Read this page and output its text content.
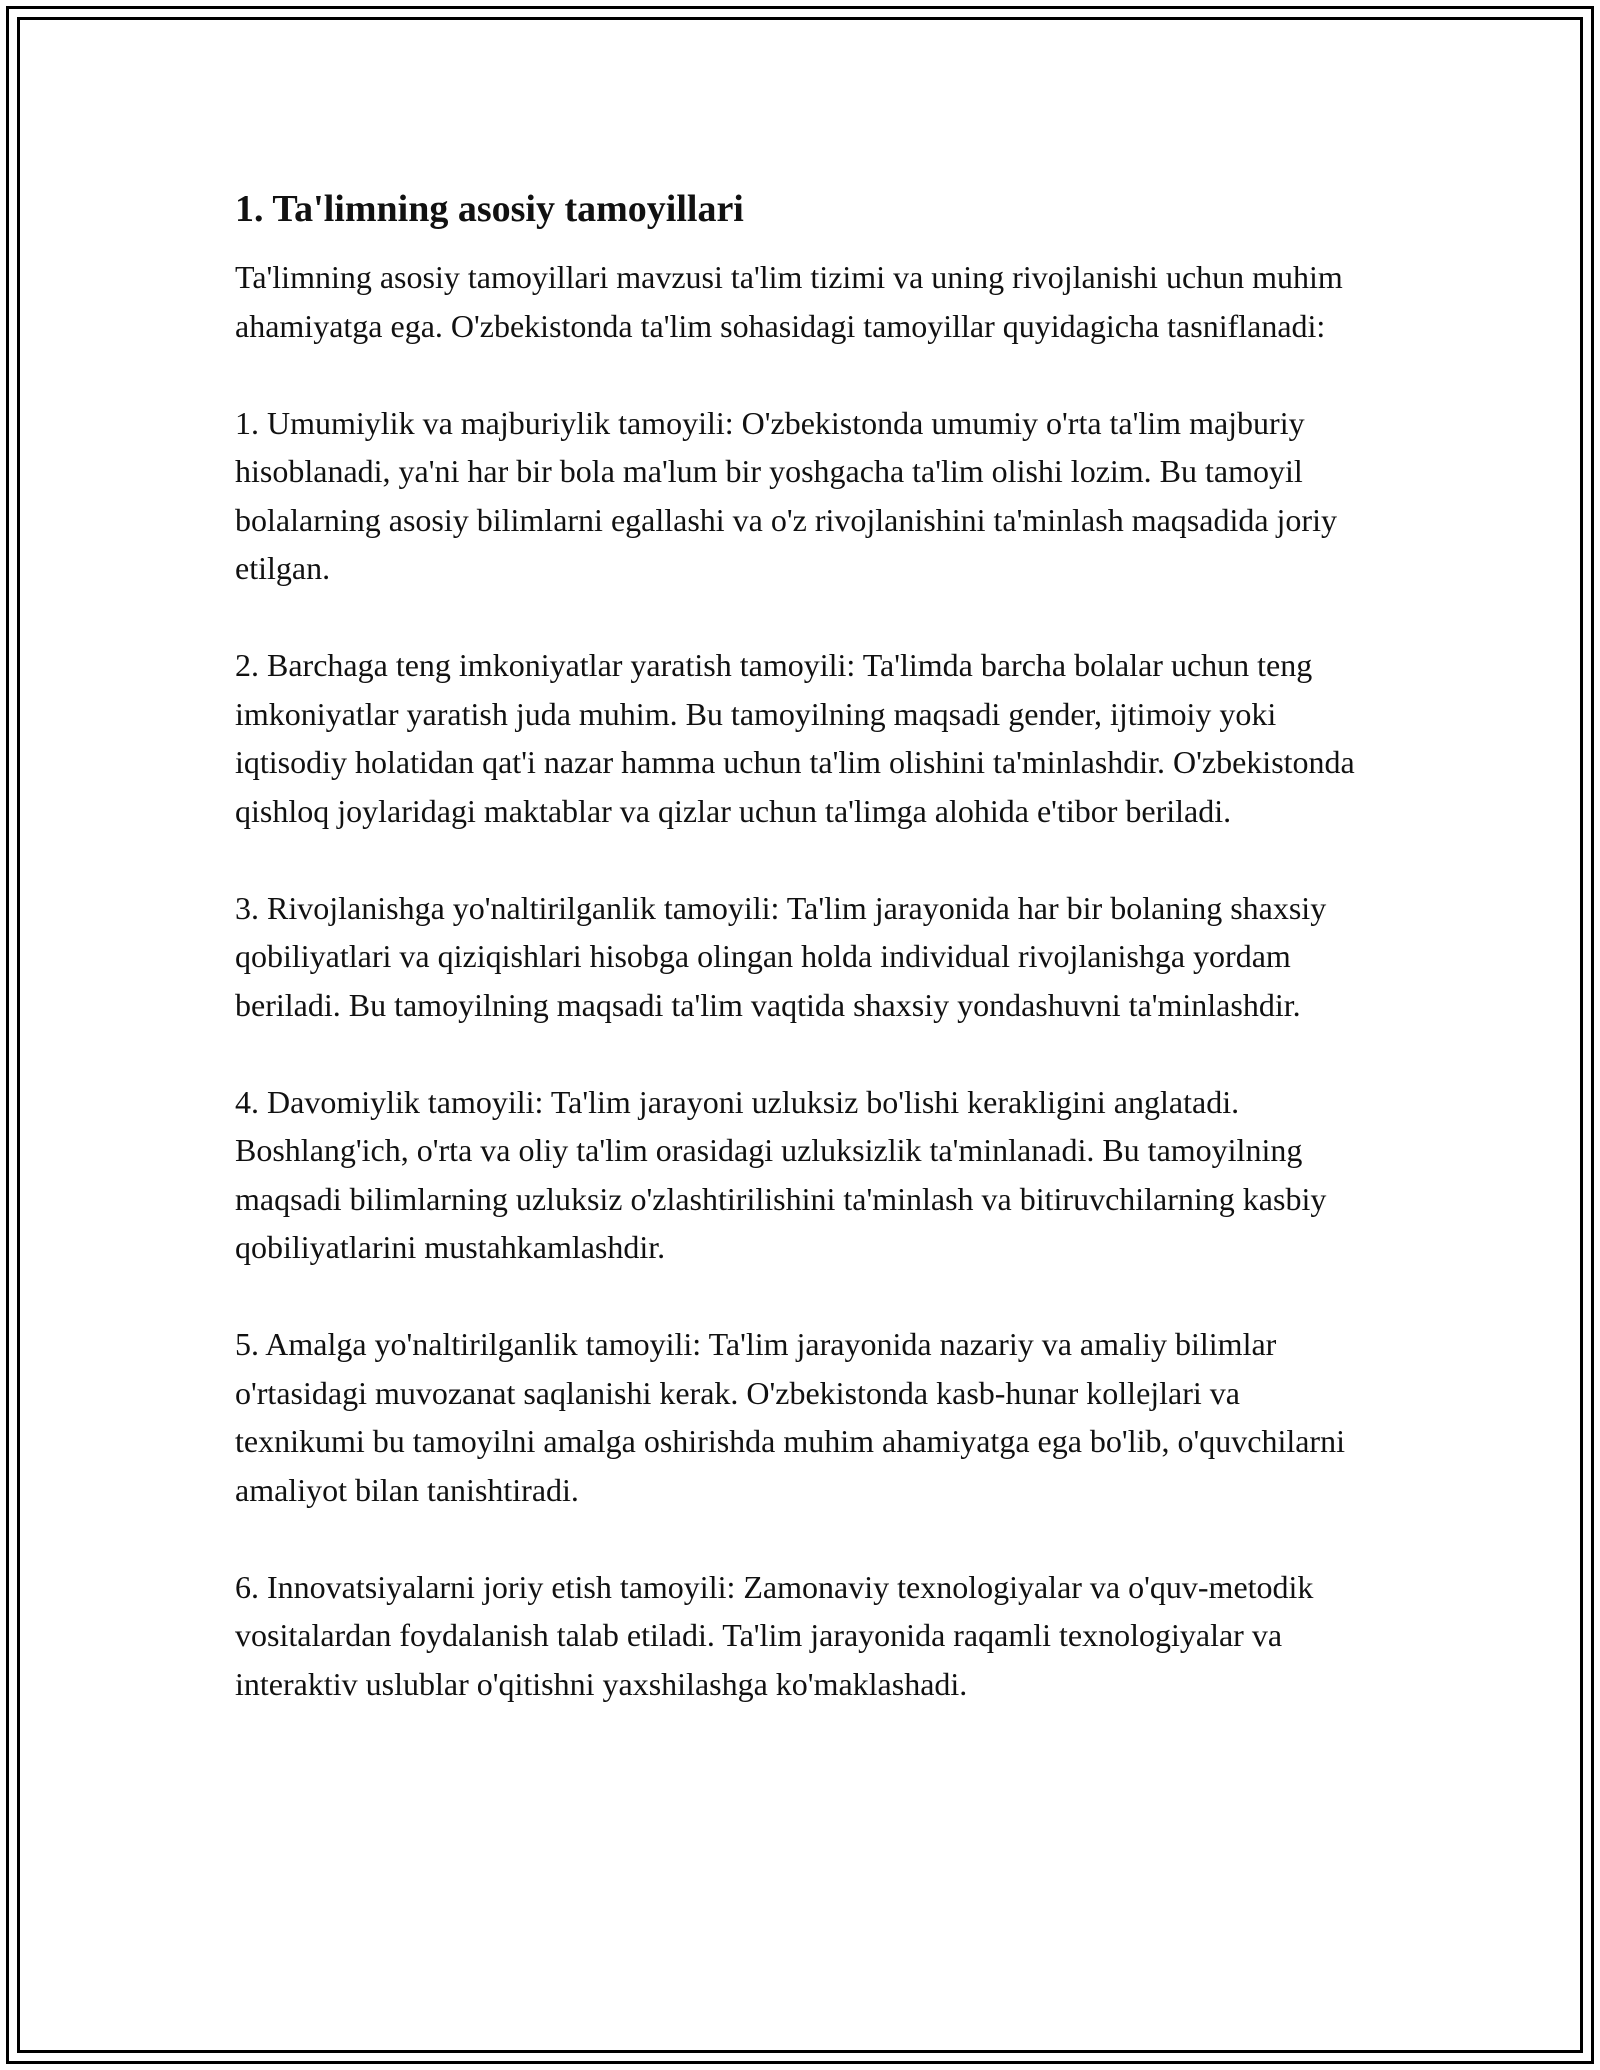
1. Ta'limning asosiy tamoyillari

Ta'limning asosiy tamoyillari mavzusi ta'lim tizimi va uning rivojlanishi uchun muhim ahamiyatga ega. O'zbekistonda ta'lim sohasidagi tamoyillar quyidagicha tasniflanadi:

1. Umumiylik va majburiylik tamoyili: O'zbekistonda umumiy o'rta ta'lim majburiy hisoblanadi, ya'ni har bir bola ma'lum bir yoshgacha ta'lim olishi lozim. Bu tamoyil bolalarning asosiy bilimlarni egallashi va o'z rivojlanishini ta'minlash maqsadida joriy etilgan.

2. Barchaga teng imkoniyatlar yaratish tamoyili: Ta'limda barcha bolalar uchun teng imkoniyatlar yaratish juda muhim. Bu tamoyilning maqsadi gender, ijtimoiy yoki iqtisodiy holatidan qat'i nazar hamma uchun ta'lim olishini ta'minlashdir. O'zbekistonda qishloq joylaridagi maktablar va qizlar uchun ta'limga alohida e'tibor beriladi.

3. Rivojlanishga yo'naltirilganlik tamoyili: Ta'lim jarayonida har bir bolaning shaxsiy qobiliyatlari va qiziqishlari hisobga olingan holda individual rivojlanishga yordam beriladi. Bu tamoyilning maqsadi ta'lim vaqtida shaxsiy yondashuvni ta'minlashdir.

4. Davomiylik tamoyili: Ta'lim jarayoni uzluksiz bo'lishi kerakligini anglatadi. Boshlang'ich, o'rta va oliy ta'lim orasidagi uzluksizlik ta'minlanadi. Bu tamoyilning maqsadi bilimlarning uzluksiz o'zlashtirilishini ta'minlash va bitiruvchilarning kasbiy qobiliyatlarini mustahkamlashdir.

5. Amalga yo'naltirilganlik tamoyili: Ta'lim jarayonida nazariy va amaliy bilimlar o'rtasidagi muvozanat saqlanishi kerak. O'zbekistonda kasb-hunar kollejlari va texnikumi bu tamoyilni amalga oshirishda muhim ahamiyatga ega bo'lib, o'quvchilarni amaliyot bilan tanishtiradi.

6. Innovatsiyalarni joriy etish tamoyili: Zamonaviy texnologiyalar va o'quv-metodik vositalardan foydalanish talab etiladi. Ta'lim jarayonida raqamli texnologiyalar va interaktiv uslublar o'qitishni yaxshilashga ko'maklashadi.
